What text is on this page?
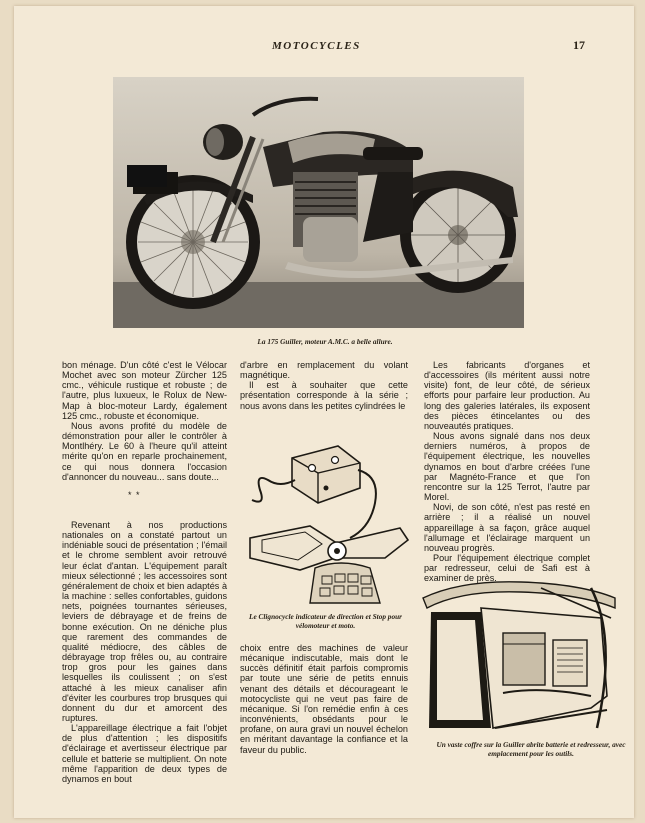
MOTOCYCLES	17
La 175 Guiller, moteur A.M.C. a belle allure.

bon ménage. D'un côté c'est le Vélocar Mochet avec son moteur Zürcher 125 cmc., véhicule rustique et robuste ; de l'autre, plus luxueux, le Rolux de New-Map à bloc-moteur Lardy, également 125 cmc., robuste et économique.

Nous avons profité du modèle de démonstration pour aller le contrôler à Montlhéry. Le 60 à l'heure qu'il atteint mérite qu'on en reparle prochainement, ce qui nous donnera l'occasion d'annoncer du nouveau... sans doute...

* *

Revenant à nos productions nationales on a constaté partout un indéniable souci de présentation ; l'émail et le chrome semblent avoir retrouvé leur éclat d'antan. L'équipement paraît mieux sélectionné ; les accessoires sont généralement de choix et bien adaptés à la machine : selles confortables, guidons nets, poignées tournantes sérieuses, leviers de débrayage et de freins de bonne exécution. On ne déniche plus que rarement des commandes de qualité médiocre, des câbles de débrayage trop frêles ou, au contraire trop gros pour les gaines dans lesquelles ils coulissent ; on s'est attaché à les mieux canaliser afin d'éviter les courbures trop brusques qui donnent du dur et amorcent des ruptures.

L'appareillage électrique a fait l'objet de plus d'attention ; les dispositifs d'éclairage et avertisseur électrique par cellule et batterie se multiplient. On note même l'apparition de deux types de dynamos en bout

d'arbre en remplacement du volant magnétique.

Il est à souhaiter que cette présentation corresponde à la série ; nous avons dans les petites cylindrées le

Le Clignocycle indicateur de direction et Stop pour vélomoteur et moto.

choix entre des machines de valeur mécanique indiscutable, mais dont le succès définitif était parfois compromis par toute une série de petits ennuis venant des détails et décourageant le motocycliste qui ne veut pas faire de mécanique. Si l'on remédie enfin à ces inconvénients, obsédants pour le profane, on aura gravi un nouvel échelon en méritant davantage la confiance et la faveur du public.

Les fabricants d'organes et d'accessoires (ils méritent aussi notre visite) font, de leur côté, de sérieux efforts pour parfaire leur production. Au long des galeries latérales, ils exposent des pièces étincelantes ou des nouveautés pratiques.

Nous avons signalé dans nos deux derniers numéros, à propos de l'équipement électrique, les nouvelles dynamos en bout d'arbre créées l'une par Magnéto-France et que l'on rencontre sur la 125 Terrot, l'autre par Morel.

Novi, de son côté, n'est pas resté en arrière ; il a réalisé un nouvel appareillage à sa façon, grâce auquel l'allumage et l'éclairage marquent un nouveau progrès.

Pour l'équipement électrique complet par redresseur, celui de Safi est à examiner de près.

Un vaste coffre sur la Guiller abrite batterie et redresseur, avec emplacement pour les outils.
